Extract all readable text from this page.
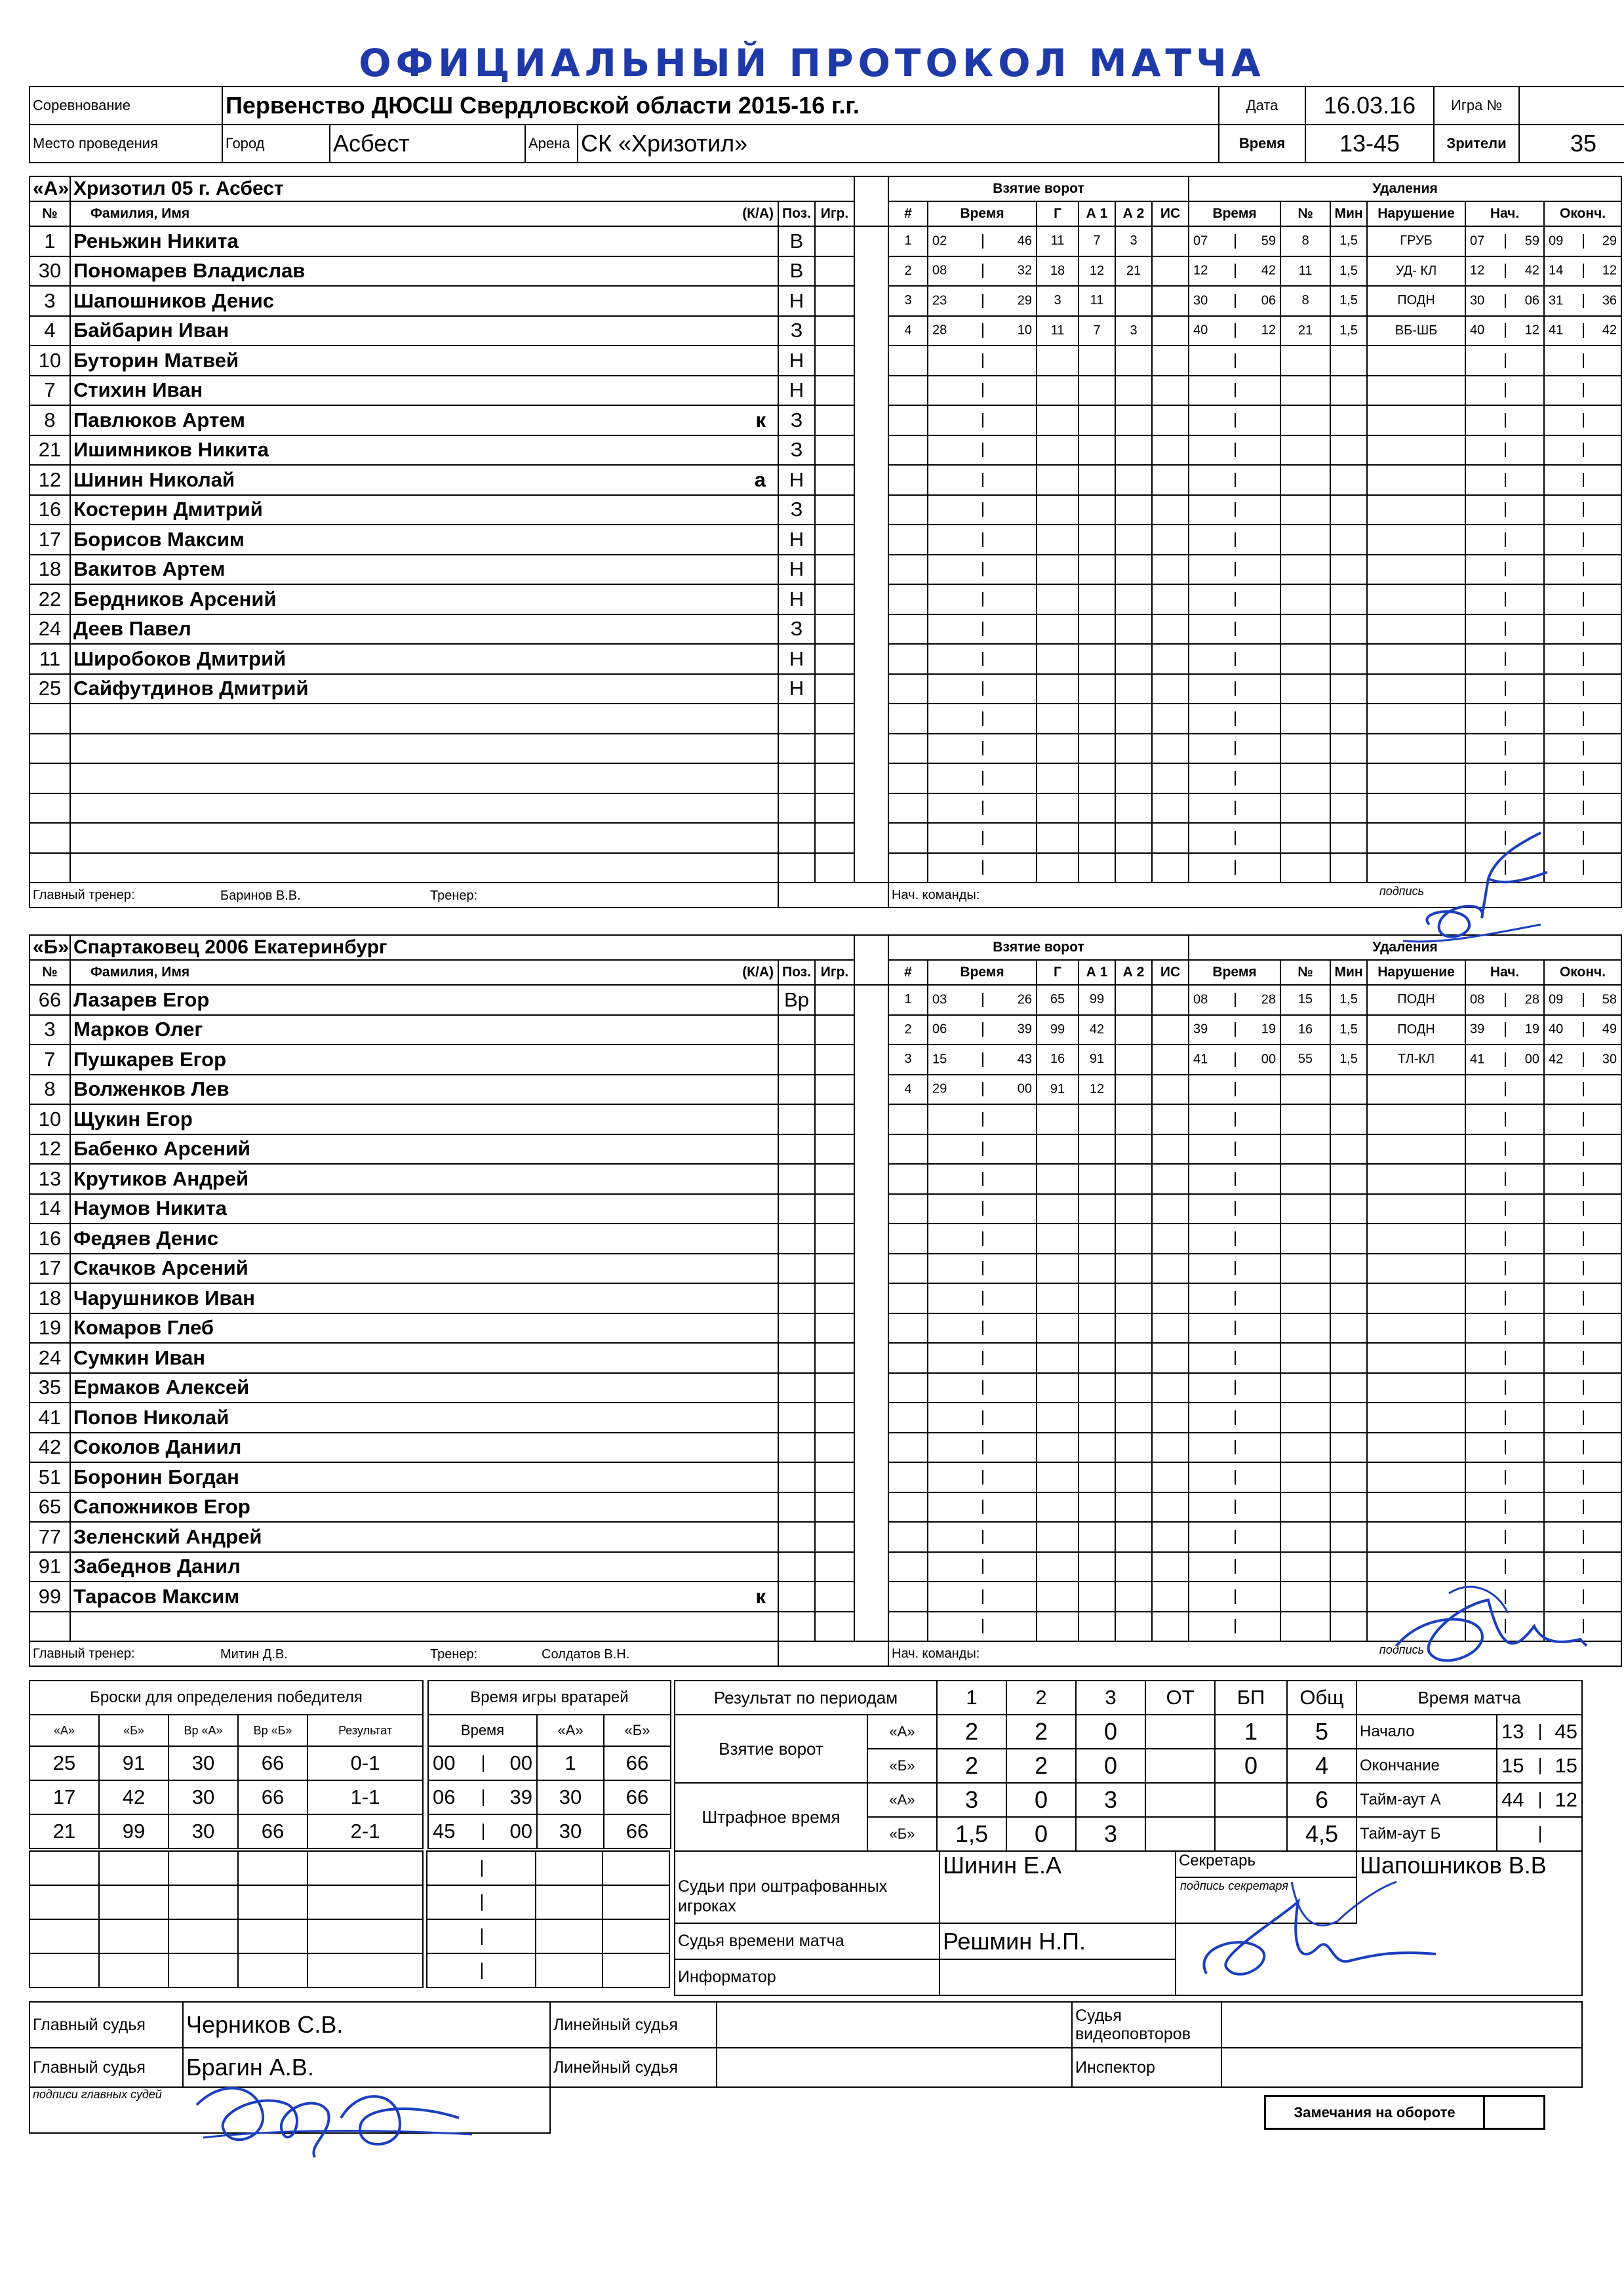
ОФИЦИАЛЬНЫЙ ПРОТОКОЛ МАТЧА
Соревнование	Первенство ДЮСШ Свердловской области 2015-16 г.г.				Дата	16.03.16	Игра №	
Место проведения	Город	Асбест	Арена	СК «Хризотил»	Время	13-45	Зрители	35
«А»	Хризотил 05 г. Асбест				Взятие ворот						Удаления					
№	Фамилия, Имя (К/А)	Поз.	Игр.		#	Время	Г	А 1	А 2	ИС	Время	№	Мин	Нарушение	Нач.	Оконч.
1	Реньжин Никита	В			1	02 46	11	7	3		07 59	8	1,5	ГРУБ	07 59	09 29

30	Пономарев Владислав	В			2	08 32	18	12	21		12 42	11	1,5	УД- КЛ	12 42	14 12

3	Шапошников Денис	Н			3	23 29	3	11			30 06	8	1,5	ПОДН	30 06	31 36

4	Байбарин Иван	З			4	28 10	11	7	3		40 12	21	1,5	ВБ-ШБ	40 12	41 42

10	Буторин Матвей	Н				

7	Стихин Иван	Н				

8	Павлюков Артем к	З				

21	Ишимников Никита	З				

12	Шинин Николай а	Н				

16	Костерин Дмитрий	З				

17	Борисов Максим	Н				

18	Вакитов Артем	Н				

22	Бердников Арсений	Н				

24	Деев Павел	З				

11	Широбоков Дмитрий	Н				

25	Сайфутдинов Дмитрий	Н				

Главный тренер: Баринов В.В. Тренер:					Нач. команды: подпись											
«Б»	Спартаковец 2006 Екатеринбург				Взятие ворот						Удаления					
№	Фамилия, Имя (К/А)	Поз.	Игр.		#	Время	Г	А 1	А 2	ИС	Время	№	Мин	Нарушение	Нач.	Оконч.
66	Лазарев Егор	Вр			1	03 26	65	99			08 28	15	1,5	ПОДН	08 28	09 58

3	Марков Олег				2	06 39	99	42			39 19	16	1,5	ПОДН	39 19	40 49

7	Пушкарев Егор				3	15 43	16	91			41 00	55	1,5	ТЛ-КЛ	41 00	42 30

8	Волженков Лев				4	29 00	91	12			

10	Щукин Егор

12	Бабенко Арсений

13	Крутиков Андрей

14	Наумов Никита

16	Федяев Денис

17	Скачков Арсений

18	Чарушников Иван

19	Комаров Глеб

24	Сумкин Иван

35	Ермаков Алексей

41	Попов Николай

42	Соколов Даниил

51	Боронин Богдан

65	Сапожников Егор

77	Зеленский Андрей

91	Забеднов Данил

99	Тарасов Максим к															

Главный тренер: Митин Д.В. Тренер: Солдатов В.Н.					Нач. команды: подпись											
Броски для определения победителя				
«А»	«Б»	Вр «А»	Вр «Б»	Результат
25	91	30	66	0-1
17	42	30	66	1-1
21	99	30	66	2-1
Время игры вратарей		
Время	«А»	«Б»

00 00	1	66

06 39	30	66

45 00	30	66
Результат по периодам		1	2	3	ОТ	БП	Общ
Взятие ворот	«А»	2	2	0		1	5
	«Б»	2	2	0		0	4
Штрафное время	«А»	3	0	3			6
	«Б»	1,5	0	3			4,5
Время матча	
Начало	13 45

Окончание	15 15

Тайм-аут А	44 12

Тайм-аут Б	

Судьи при оштрафованных игроках	Шинин Е.А	Секретарь
подпись секретаря	Шапошников В.В
Судья времени матча	Решмин Н.П.		
Информатор			
Главный судья	Черников С.В.	Линейный судья		Судья видеоповторов	
Главный судья	Брагин А.В.	Линейный судья		Инспектор	
подписи главных судей					
Замечания на обороте	
